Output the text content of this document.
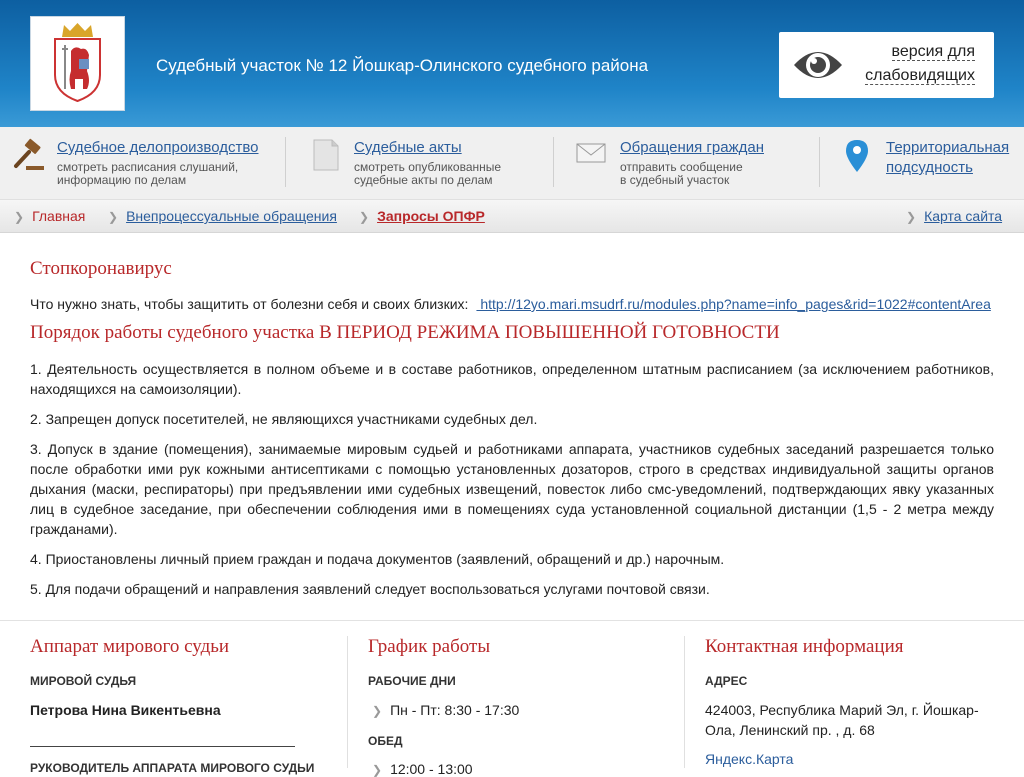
Судебный участок № 12 Йошкар-Олинского судебного района
версия для
слабовидящих
Судебное делопроизводство
смотреть расписания слушаний,
информацию по делам
Судебные акты
смотреть опубликованные
судебные акты по делам
Обращения граждан
отправить сообщение
в судебный участок
Территориальная
подсудность
❯ Главная ❯ Внепроцессуальные обращения ❯ Запросы ОПФР	❯ Карта сайта
Стопкоронавирус
Что нужно знать, чтобы защитить от болезни себя и своих близких: http://12yo.mari.msudrf.ru/modules.php?name=info_pages&rid=1022#contentArea
Порядок работы судебного участка В ПЕРИОД РЕЖИМА ПОВЫШЕННОЙ ГОТОВНОСТИ
1. Деятельность осуществляется в полном объеме и в составе работников, определенном штатным расписанием (за исключением работников, находящихся на самоизоляции).
2. Запрещен допуск посетителей, не являющихся участниками судебных дел.
3. Допуск в здание (помещения), занимаемые мировым судьей и работниками аппарата, участников судебных заседаний разрешается только после обработки ими рук кожными антисептиками с помощью установленных дозаторов, строго в средствах индивидуальной защиты органов дыхания (маски, респираторы) при предъявлении ими судебных извещений, повесток либо смс-уведомлений, подтверждающих явку указанных лиц в судебное заседание, при обеспечении соблюдения ими в помещениях суда установленной социальной дистанции (1,5 - 2 метра между гражданами).
4. Приостановлены личный прием граждан и подача документов (заявлений, обращений и др.) нарочным.
5. Для подачи обращений и направления заявлений следует воспользоваться услугами почтовой связи.
Аппарат мирового судьи
МИРОВОЙ СУДЬЯ
Петрова Нина Викентьевна
РУКОВОДИТЕЛЬ АППАРАТА МИРОВОГО СУДЬИ
График работы
РАБОЧИЕ ДНИ
❯ Пн - Пт: 8:30 - 17:30
ОБЕД
❯ 12:00 - 13:00
Контактная информация
АДРЕС
424003, Республика Марий Эл, г. Йошкар-Ола, Ленинский пр. , д. 68
Яндекс.Карта
